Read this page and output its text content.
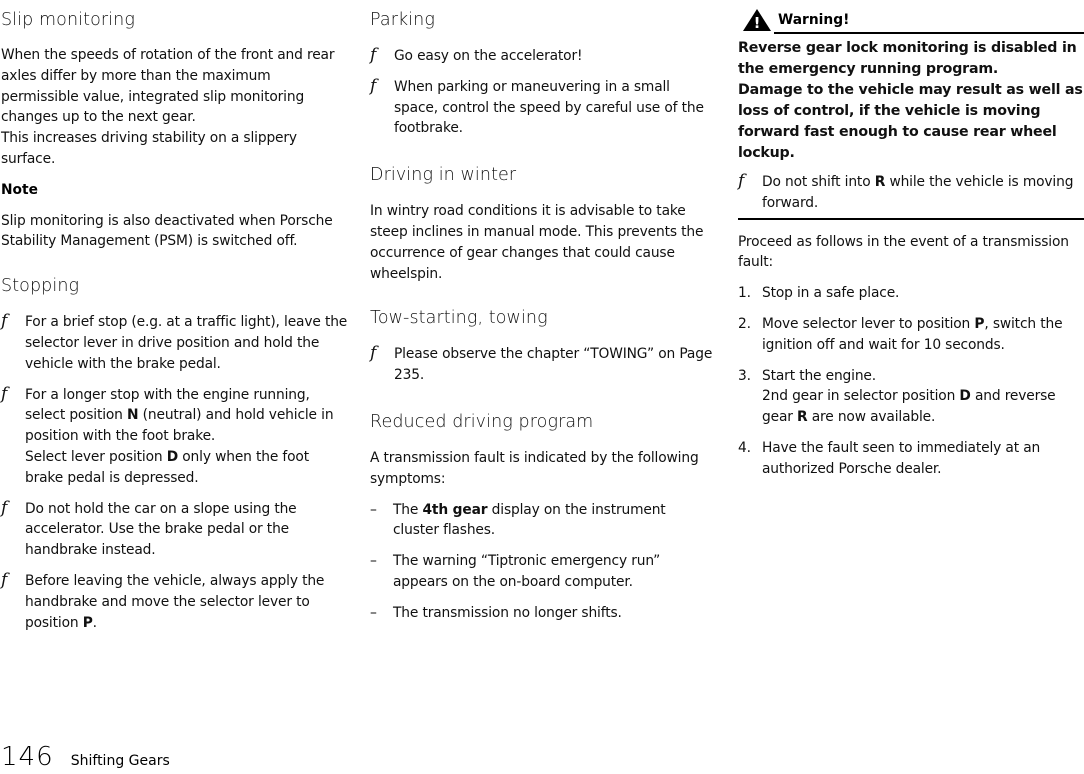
Slip monitoring

When the speeds of rotation of the front and rear axles differ by more than the maximum permissible value, integrated slip monitoring changes up to the next gear.
This increases driving stability on a slippery surface.

Note

Slip monitoring is also deactivated when Porsche Stability Management (PSM) is switched off.

Stopping
f For a brief stop (e.g. at a traffic light), leave the selector lever in drive position and hold the vehicle with the brake pedal.
f For a longer stop with the engine running, select position N (neutral) and hold vehicle in position with the foot brake.
Select lever position D only when the foot brake pedal is depressed.
f Do not hold the car on a slope using the accelerator. Use the brake pedal or the handbrake instead.
f Before leaving the vehicle, always apply the handbrake and move the selector lever to position P.
Parking
f Go easy on the accelerator!
f When parking or maneuvering in a small space, control the speed by careful use of the footbrake.
Driving in winter

In wintry road conditions it is advisable to take steep inclines in manual mode. This prevents the occurrence of gear changes that could cause wheelspin.

Tow-starting, towing
f Please observe the chapter “TOWING” on Page 235.
Reduced driving program

A transmission fault is indicated by the following symptoms:

– The 4th gear display on the instrument cluster flashes.
– The warning “Tiptronic emergency run” appears on the on-board computer.
– The transmission no longer shifts.
! Warning!

Reverse gear lock monitoring is disabled in the emergency running program.

Damage to the vehicle may result as well as loss of control, if the vehicle is moving forward fast enough to cause rear wheel lockup.

f Do not shift into R while the vehicle is moving forward.

Proceed as follows in the event of a transmission fault:

1. Stop in a safe place.
2. Move selector lever to position P, switch the ignition off and wait for 10 seconds.
3. Start the engine.
2nd gear in selector position D and reverse gear R are now available.
4. Have the fault seen to immediately at an authorized Porsche dealer.
146 Shifting Gears
